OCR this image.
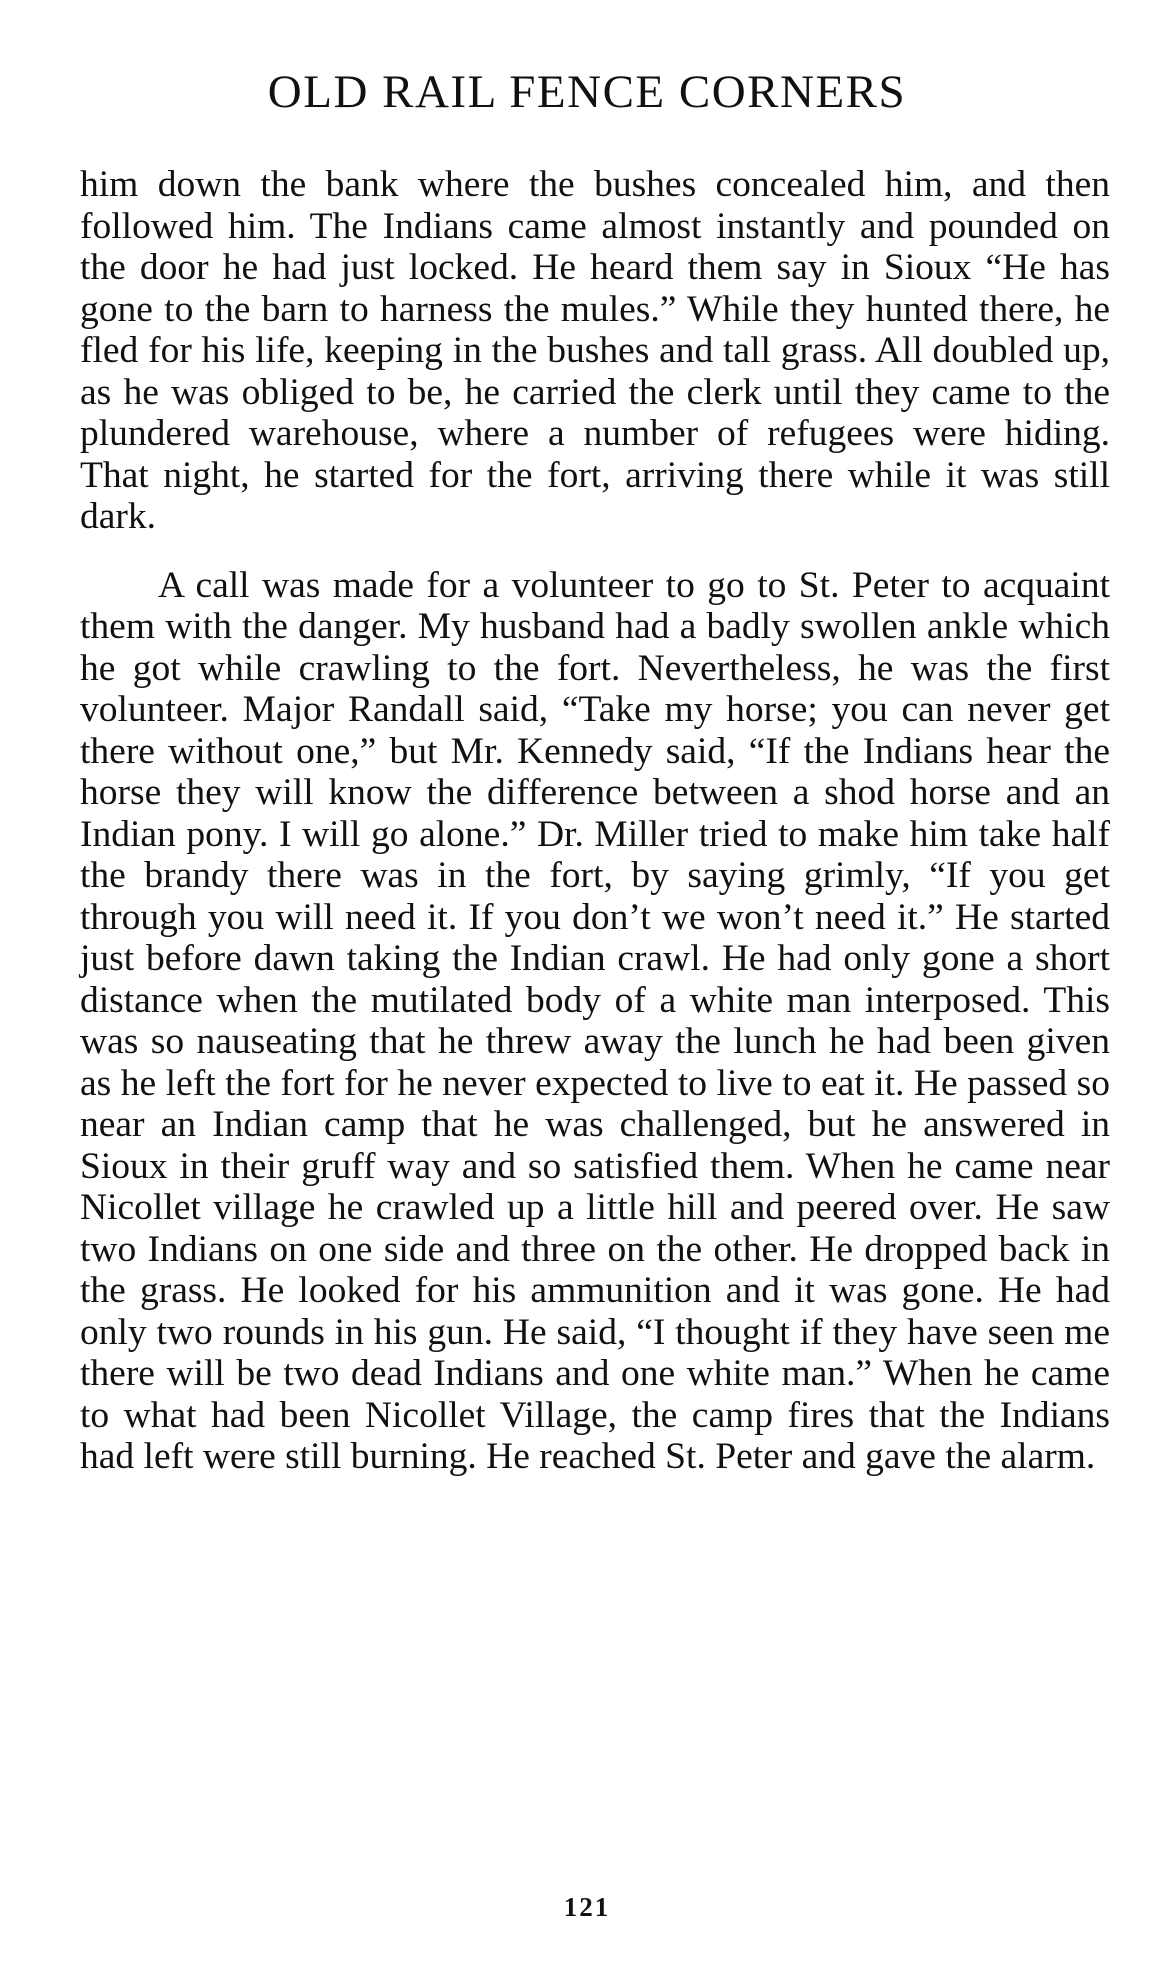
OLD RAIL FENCE CORNERS

him down the bank where the bushes concealed him, and then followed him. The Indians came almost instantly and pounded on the door he had just locked. He heard them say in Sioux “He has gone to the barn to harness the mules.” While they hunted there, he fled for his life, keeping in the bushes and tall grass. All doubled up, as he was obliged to be, he carried the clerk until they came to the plundered warehouse, where a number of refugees were hiding. That night, he started for the fort, arriving there while it was still dark.

A call was made for a volunteer to go to St. Peter to acquaint them with the danger. My husband had a badly swollen ankle which he got while crawling to the fort. Nevertheless, he was the first volunteer. Major Randall said, “Take my horse; you can never get there without one,” but Mr. Kennedy said, “If the Indians hear the horse they will know the difference between a shod horse and an Indian pony. I will go alone.” Dr. Miller tried to make him take half the brandy there was in the fort, by saying grimly, “If you get through you will need it. If you don’t we won’t need it.” He started just before dawn taking the Indian crawl. He had only gone a short distance when the mutilated body of a white man interposed. This was so nauseating that he threw away the lunch he had been given as he left the fort for he never expected to live to eat it. He passed so near an Indian camp that he was challenged, but he answered in Sioux in their gruff way and so satisfied them. When he came near Nicollet village he crawled up a little hill and peered over. He saw two Indians on one side and three on the other. He dropped back in the grass. He looked for his ammunition and it was gone. He had only two rounds in his gun. He said, “I thought if they have seen me there will be two dead Indians and one white man.” When he came to what had been Nicollet Village, the camp fires that the Indians had left were still burning. He reached St. Peter and gave the alarm.

121
